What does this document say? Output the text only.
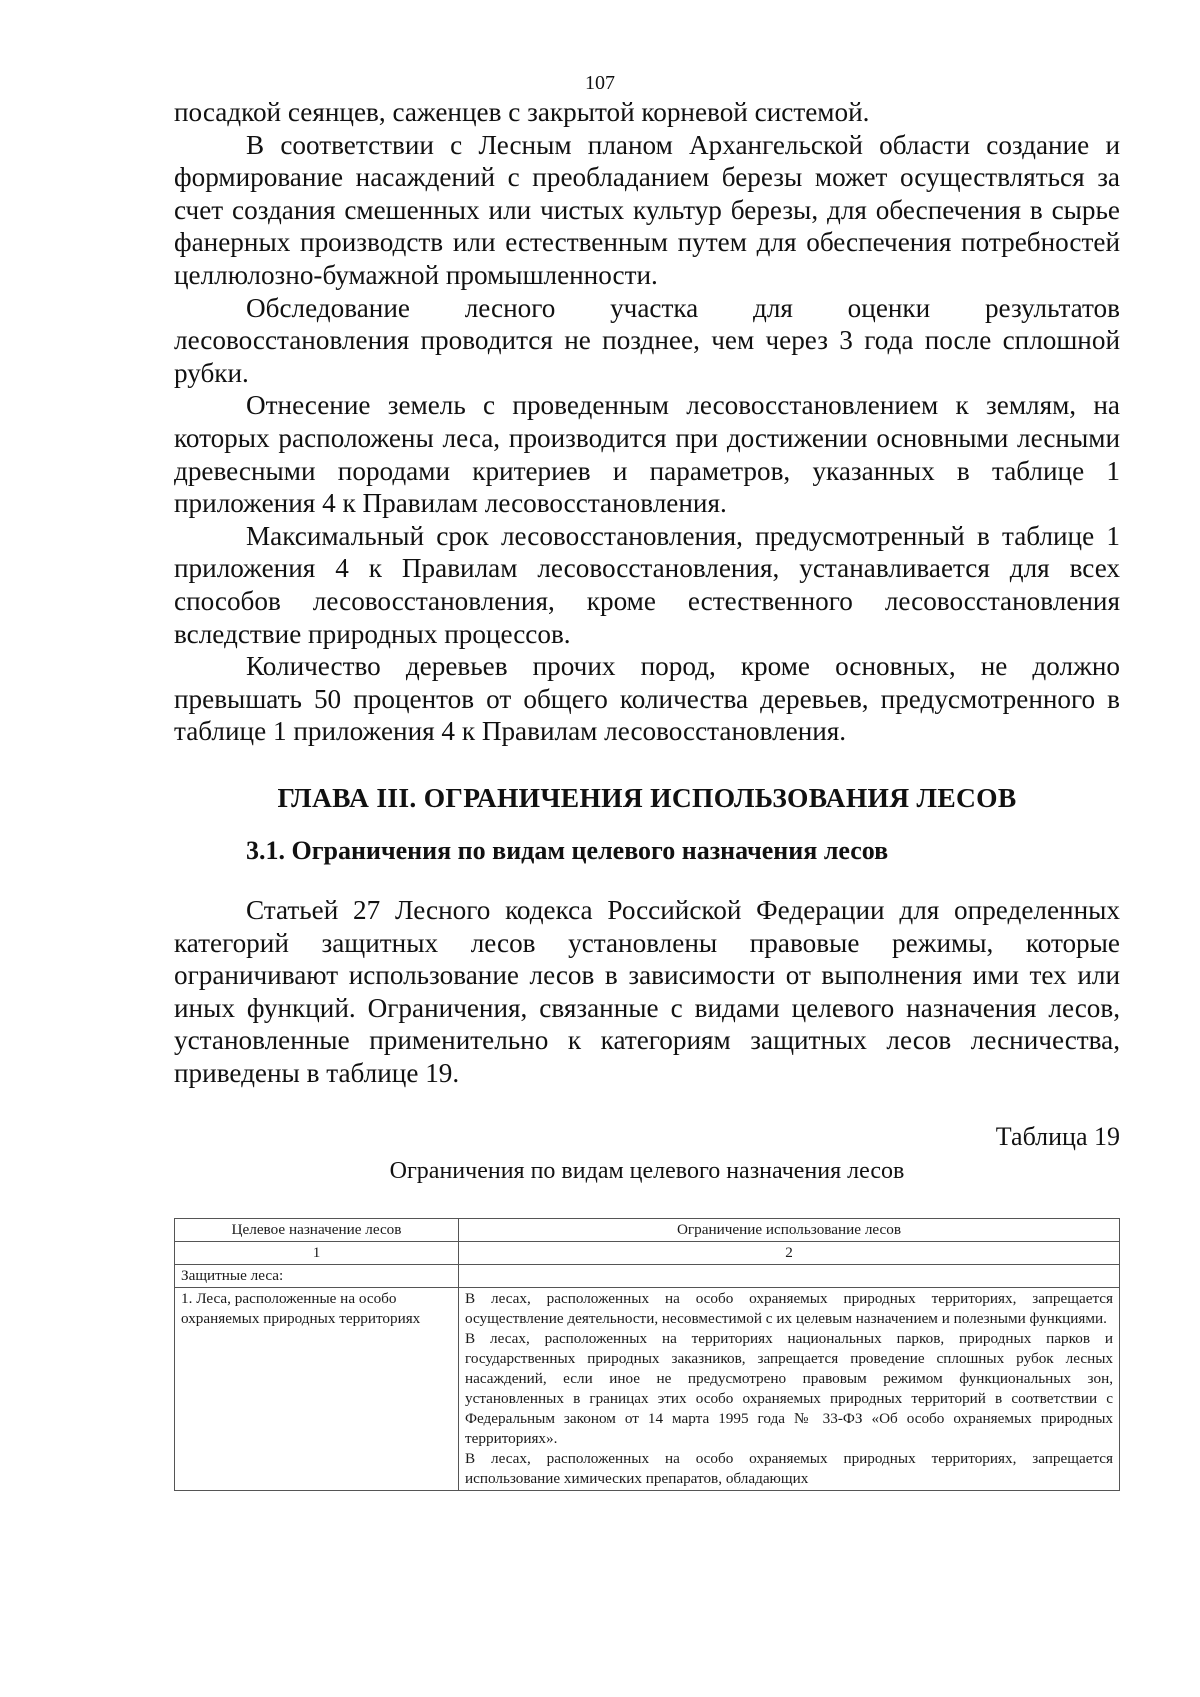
107

посадкой сеянцев, саженцев с закрытой корневой системой.

В соответствии с Лесным планом Архангельской области создание и формирование насаждений с преобладанием березы может осуществляться за счет создания смешенных или чистых культур березы, для обеспечения в сырье фанерных производств или естественным путем для обеспечения потребностей целлюлозно-бумажной промышленности.

Обследование лесного участка для оценки результатов лесовосстановления проводится не позднее, чем через 3 года после сплошной рубки.

Отнесение земель с проведенным лесовосстановлением к землям, на которых расположены леса, производится при достижении основными лесными древесными породами критериев и параметров, указанных в таблице 1 приложения 4 к Правилам лесовосстановления.

Максимальный срок лесовосстановления, предусмотренный в таблице 1 приложения 4 к Правилам лесовосстановления, устанавливается для всех способов лесовосстановления, кроме естественного лесовосстановления вследствие природных процессов.

Количество деревьев прочих пород, кроме основных, не должно превышать 50 процентов от общего количества деревьев, предусмотренного в таблице 1 приложения 4 к Правилам лесовосстановления.

ГЛАВА III. ОГРАНИЧЕНИЯ ИСПОЛЬЗОВАНИЯ ЛЕСОВ
3.1. Ограничения по видам целевого назначения лесов

Статьей 27 Лесного кодекса Российской Федерации для определенных категорий защитных лесов установлены правовые режимы, которые ограничивают использование лесов в зависимости от выполнения ими тех или иных функций. Ограничения, связанные с видами целевого назначения лесов, установленные применительно к категориям защитных лесов лесничества, приведены в таблице 19.

Таблица 19
Ограничения по видам целевого назначения лесов
Целевое назначение лесов	Ограничение использование лесов
1	2
Защитные леса:	
1. Леса, расположенные на особо охраняемых природных территориях	В лесах, расположенных на особо охраняемых природных территориях, запрещается осуществление деятельности, несовместимой с их целевым назначением и полезными функциями.

В лесах, расположенных на территориях национальных парков, природных парков и государственных природных заказников, запрещается проведение сплошных рубок лесных насаждений, если иное не предусмотрено правовым режимом функциональных зон, установленных в границах этих особо охраняемых природных территорий в соответствии с Федеральным законом от 14 марта 1995 года № 33-ФЗ «Об особо охраняемых природных территориях».

В лесах, расположенных на особо охраняемых природных территориях, запрещается использование химических препаратов, обладающих
